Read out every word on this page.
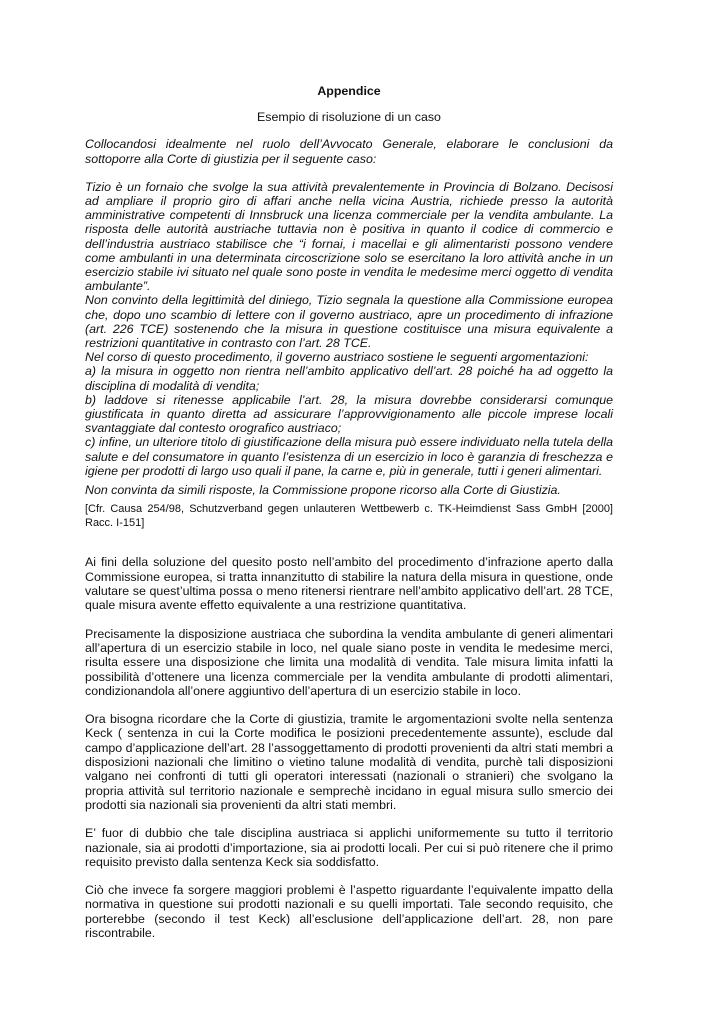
Appendice

Esempio di risoluzione di un caso

Collocandosi idealmente nel ruolo dell’Avvocato Generale, elaborare le conclusioni da sottoporre alla Corte di giustizia per il seguente caso:

Tizio è un fornaio che svolge la sua attività prevalentemente in Provincia di Bolzano. Decisosi ad ampliare il proprio giro di affari anche nella vicina Austria, richiede presso la autorità amministrative competenti di Innsbruck una licenza commerciale per la vendita ambulante. La risposta delle autorità austriache tuttavia non è positiva in quanto il codice di commercio e dell’industria austriaco stabilisce che “i fornai, i macellai e gli alimentaristi possono vendere come ambulanti in una determinata circoscrizione solo se esercitano la loro attività anche in un esercizio stabile ivi situato nel quale sono poste in vendita le medesime merci oggetto di vendita ambulante”.

Non convinto della legittimità del diniego, Tizio segnala la questione alla Commissione europea che, dopo uno scambio di lettere con il governo austriaco, apre un procedimento di infrazione (art. 226 TCE) sostenendo che la misura in questione costituisce una misura equivalente a restrizioni quantitative in contrasto con l’art. 28 TCE.

Nel corso di questo procedimento, il governo austriaco sostiene le seguenti argomentazioni:

a) la misura in oggetto non rientra nell’ambito applicativo dell’art. 28 poiché ha ad oggetto la disciplina di modalità di vendita;

b) laddove si ritenesse applicabile l’art. 28, la misura dovrebbe considerarsi comunque giustificata in quanto diretta ad assicurare l’approvvigionamento alle piccole imprese locali svantaggiate dal contesto orografico austriaco;

c) infine, un ulteriore titolo di giustificazione della misura può essere individuato nella tutela della salute e del consumatore in quanto l’esistenza di un esercizio in loco è garanzia di freschezza e igiene per prodotti di largo uso quali il pane, la carne e, più in generale, tutti i generi alimentari.

Non convinta da simili risposte, la Commissione propone ricorso alla Corte di Giustizia.

[Cfr. Causa 254/98, Schutzverband gegen unlauteren Wettbewerb c. TK-Heimdienst Sass GmbH [2000] Racc. I-151]

Ai fini della soluzione del quesito posto nell’ambito del procedimento d’infrazione aperto dalla Commissione europea, si tratta innanzitutto di stabilire la natura della misura in questione, onde valutare se quest’ultima possa o meno ritenersi rientrare nell’ambito applicativo dell’art. 28 TCE, quale misura avente effetto equivalente a una restrizione quantitativa.

Precisamente la disposizione austriaca che subordina la vendita ambulante di generi alimentari all’apertura di un esercizio stabile in loco, nel quale siano poste in vendita le medesime merci, risulta essere una disposizione che limita una modalità di vendita. Tale misura limita infatti la possibilità d’ottenere una licenza commerciale per la vendita ambulante di prodotti alimentari, condizionandola all’onere aggiuntivo dell’apertura di un esercizio stabile in loco.

Ora bisogna ricordare che la Corte di giustizia, tramite le argomentazioni svolte nella sentenza Keck ( sentenza in cui la Corte modifica le posizioni precedentemente assunte), esclude dal campo d’applicazione dell’art. 28 l’assoggettamento di prodotti provenienti da altri stati membri a disposizioni nazionali che limitino o vietino talune modalità di vendita, purchè tali disposizioni valgano nei confronti di tutti gli operatori interessati (nazionali o stranieri) che svolgano la propria attività sul territorio nazionale e semprechè incidano in egual misura sullo smercio dei prodotti sia nazionali sia provenienti da altri stati membri.

E’ fuor di dubbio che tale disciplina austriaca si applichi uniformemente su tutto il territorio nazionale, sia ai prodotti d’importazione, sia ai prodotti locali. Per cui si può ritenere che il primo requisito previsto dalla sentenza Keck sia soddisfatto.

Ciò che invece fa sorgere maggiori problemi è l’aspetto riguardante l’equivalente impatto della normativa in questione sui prodotti nazionali e su quelli importati. Tale secondo requisito, che porterebbe (secondo il test Keck) all’esclusione dell’applicazione dell’art. 28, non pare riscontrabile.
